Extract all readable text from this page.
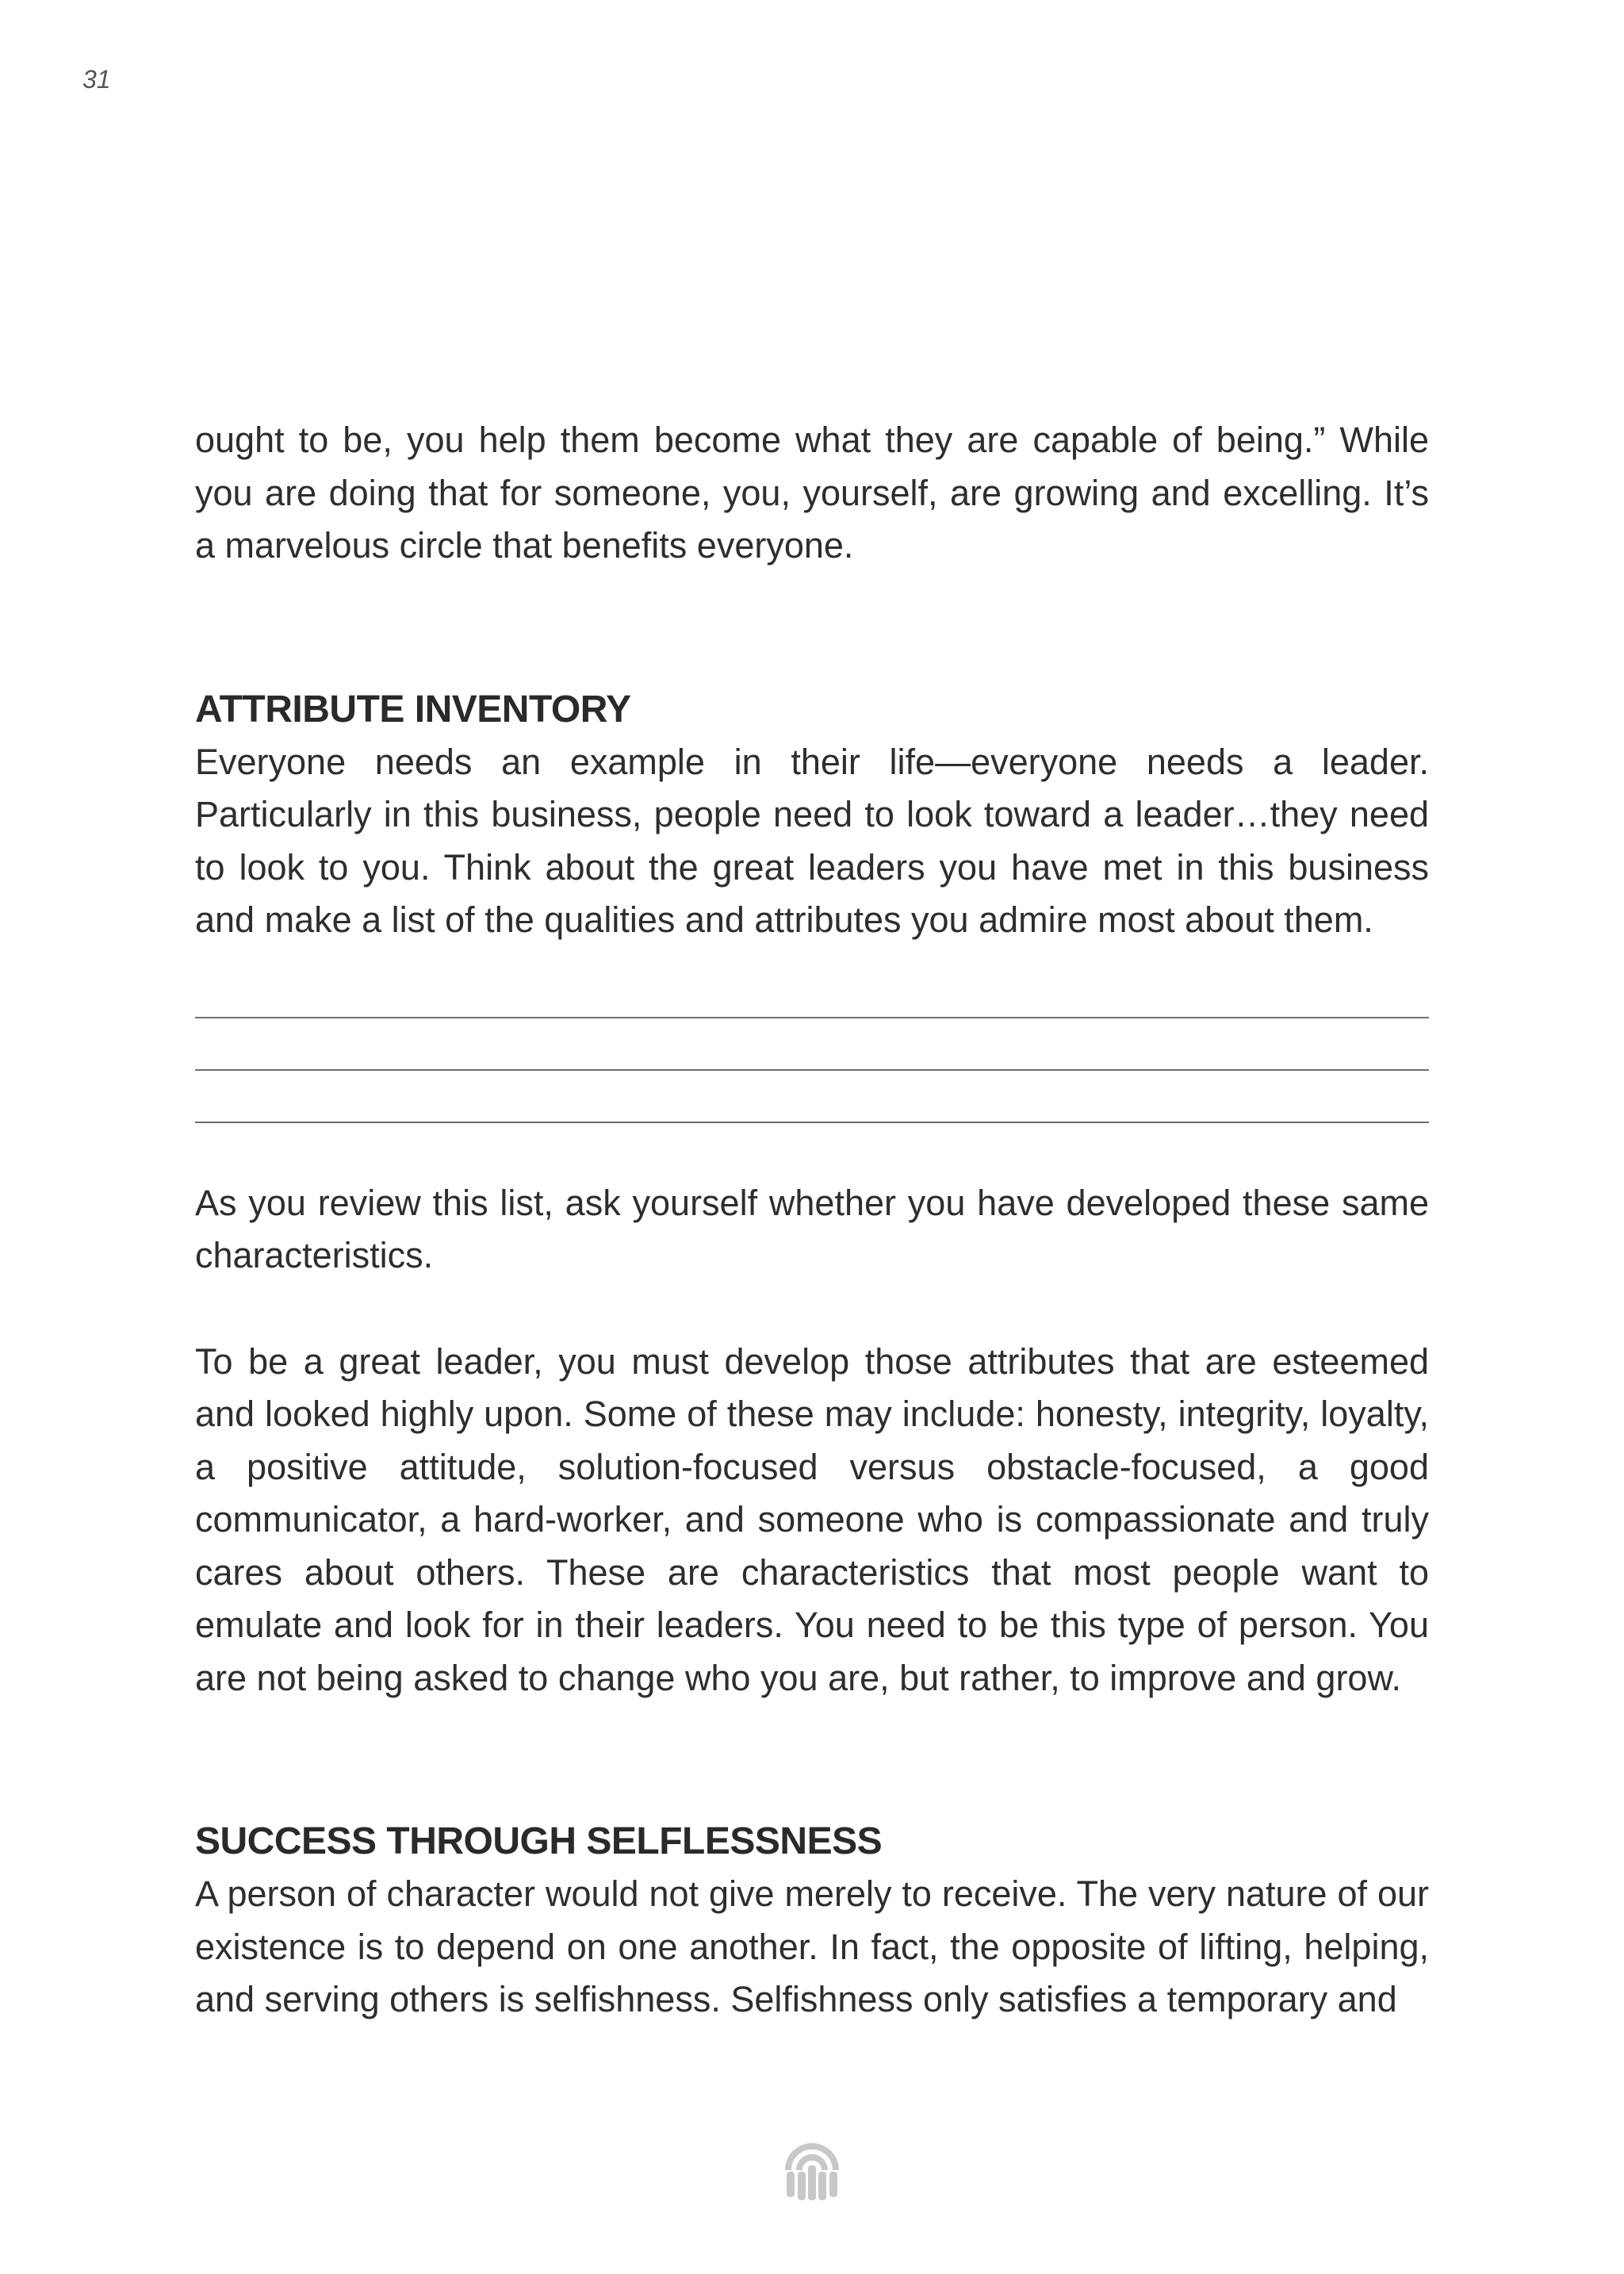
31

ought to be, you help them become what they are capable of being.” While you are doing that for someone, you, yourself, are growing and excelling. It’s a marvelous circle that benefits everyone.

ATTRIBUTE INVENTORY

Everyone needs an example in their life—everyone needs a leader. Particularly in this business, people need to look toward a leader…they need to look to you. Think about the great leaders you have met in this business and make a list of the qualities and attributes you admire most about them.

As you review this list, ask yourself whether you have developed these same characteristics.

To be a great leader, you must develop those attributes that are esteemed and looked highly upon. Some of these may include: honesty, integrity, loyalty, a positive attitude, solution-focused versus obstacle-focused, a good communicator, a hard-worker, and someone who is compassionate and truly cares about others. These are characteristics that most people want to emulate and look for in their leaders. You need to be this type of person. You are not being asked to change who you are, but rather, to improve and grow.

SUCCESS THROUGH SELFLESSNESS

A person of character would not give merely to receive. The very nature of our existence is to depend on one another. In fact, the opposite of lifting, helping, and serving others is selfishness. Selfishness only satisfies a temporary and
